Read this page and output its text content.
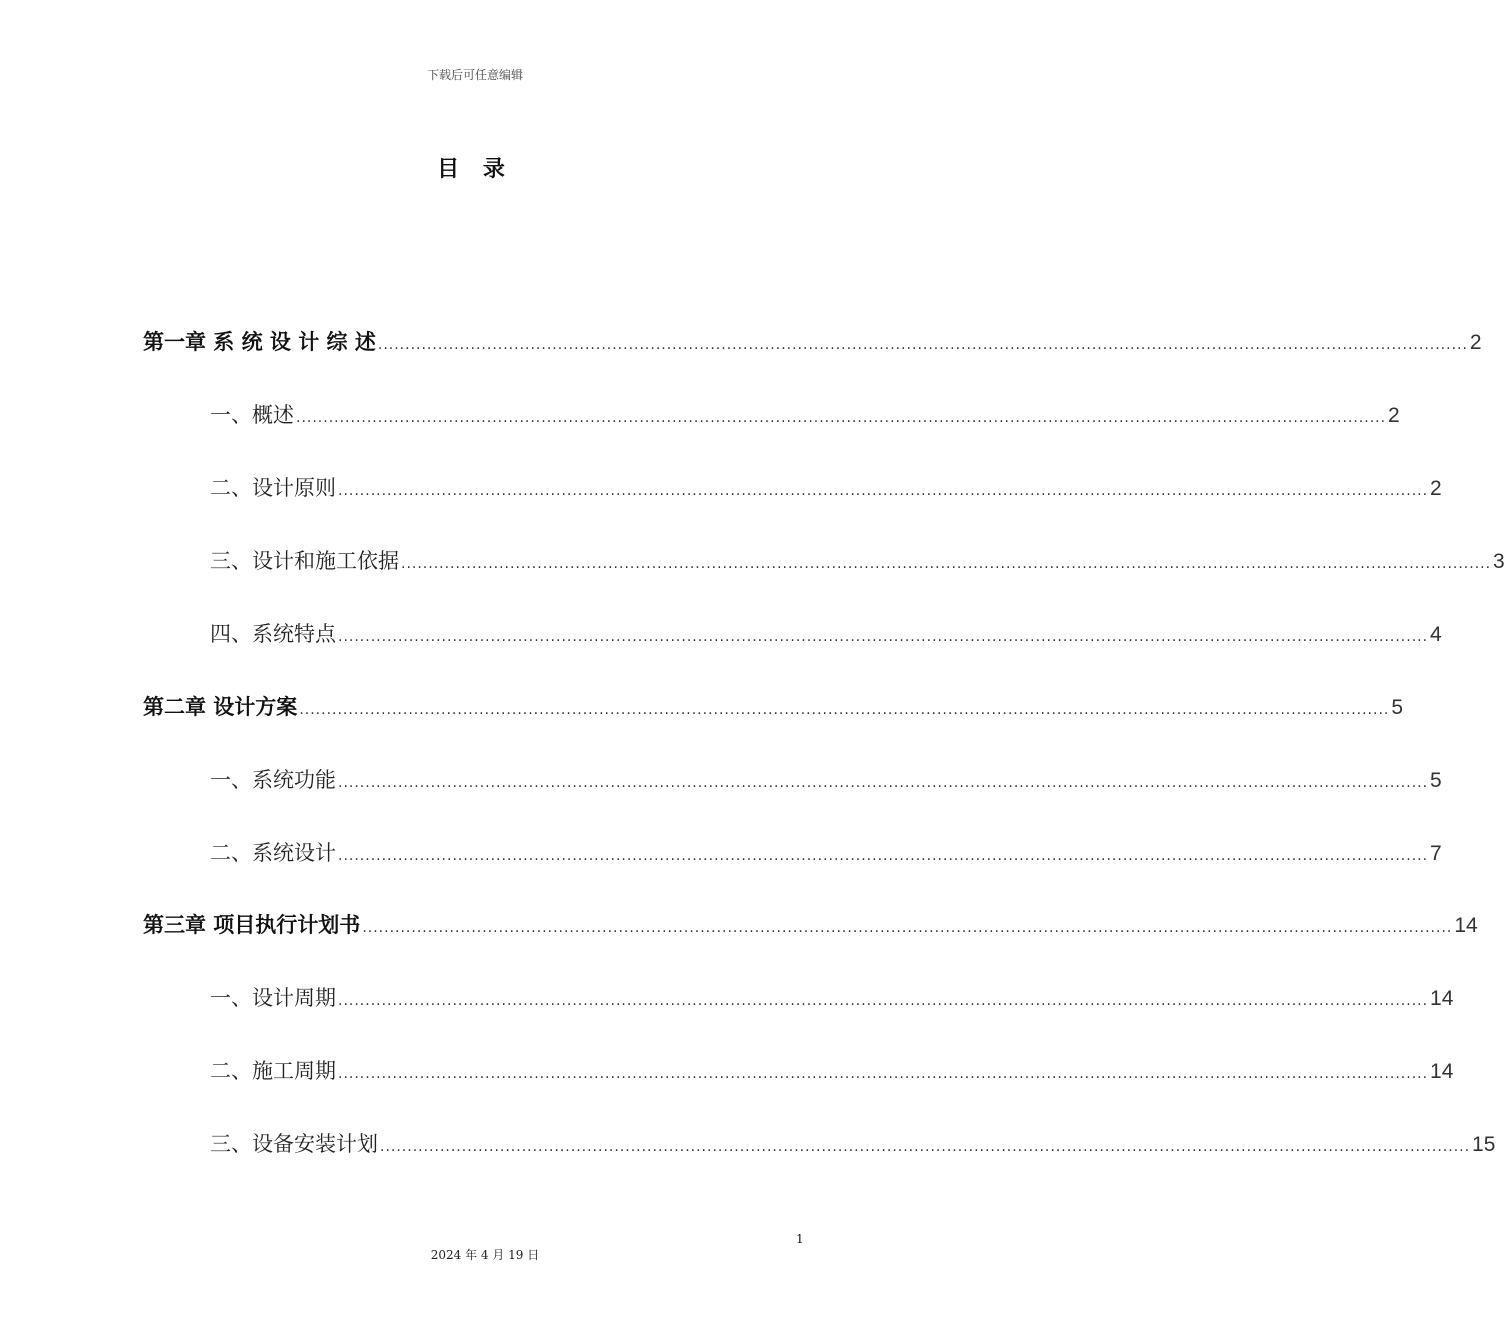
下载后可任意编辑
目 录
第一章 系 统 设 计 综 述 ........................................................................................................................................................................................................ 2
一、概述 ........................................................................................................................................................................................................ 2
二、设计原则 ........................................................................................................................................................................................................ 2
三、设计和施工依据 ........................................................................................................................................................................................................ 3
四、系统特点 ........................................................................................................................................................................................................ 4
第二章 设计方案 ........................................................................................................................................................................................................ 5
一、系统功能 ........................................................................................................................................................................................................ 5
二、系统设计 ........................................................................................................................................................................................................ 7
第三章 项目执行计划书 ........................................................................................................................................................................................................ 14
一、设计周期 ........................................................................................................................................................................................................ 14
二、施工周期 ........................................................................................................................................................................................................ 14
三、设备安装计划 ........................................................................................................................................................................................................ 15
1
2024 年 4 月 19 日
